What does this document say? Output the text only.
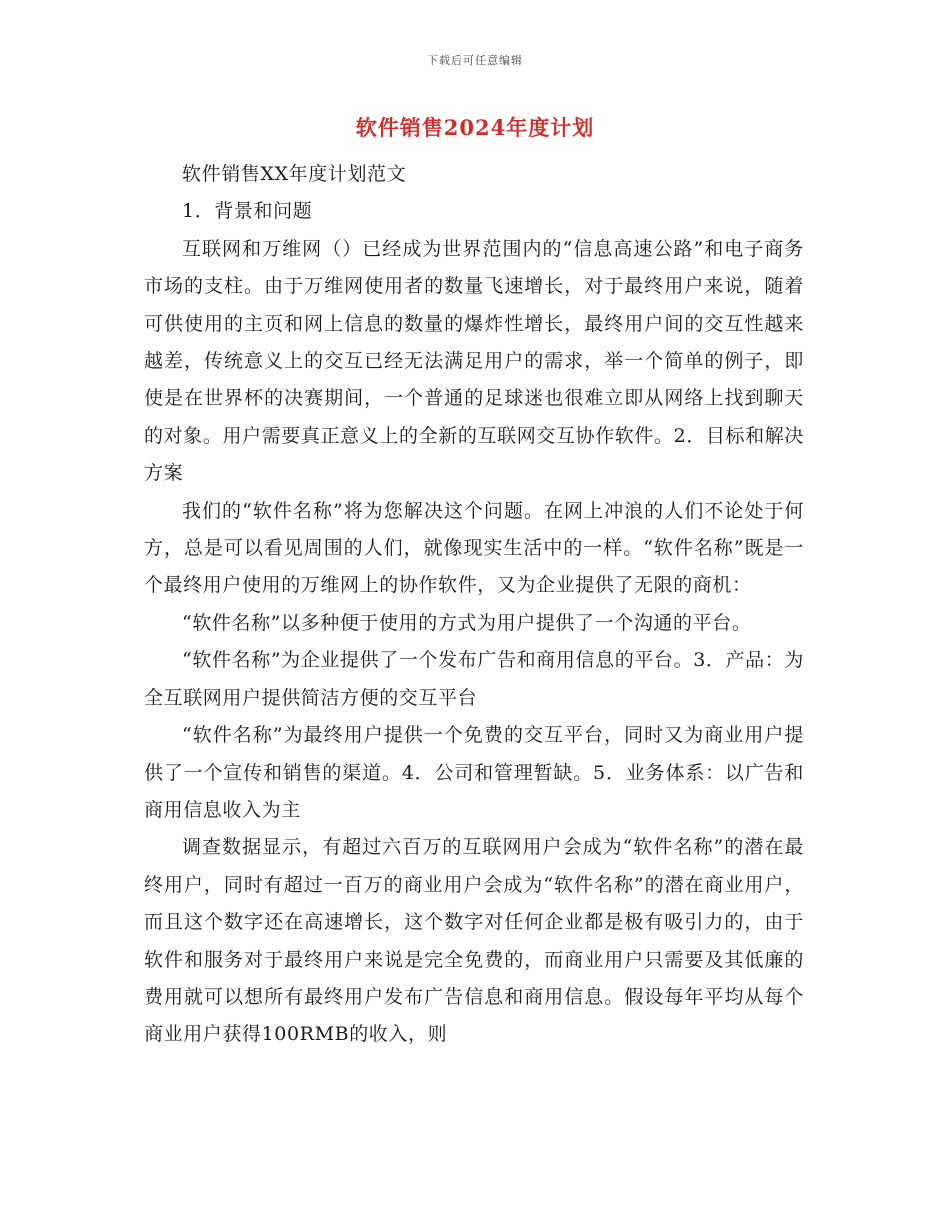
下载后可任意编辑
软件销售2024年度计划

软件销售XX年度计划范文

1．背景和问题

互联网和万维网（）已经成为世界范围内的“信息高速公路”和电子商务市场的支柱。由于万维网使用者的数量飞速增长，对于最终用户来说，随着可供使用的主页和网上信息的数量的爆炸性增长，最终用户间的交互性越来越差，传统意义上的交互已经无法满足用户的需求，举一个简单的例子，即使是在世界杯的决赛期间，一个普通的足球迷也很难立即从网络上找到聊天的对象。用户需要真正意义上的全新的互联网交互协作软件。2．目标和解决方案

我们的“软件名称”将为您解决这个问题。在网上冲浪的人们不论处于何方，总是可以看见周围的人们，就像现实生活中的一样。“软件名称”既是一个最终用户使用的万维网上的协作软件，又为企业提供了无限的商机：

“软件名称”以多种便于使用的方式为用户提供了一个沟通的平台。

“软件名称”为企业提供了一个发布广告和商用信息的平台。3．产品：为全互联网用户提供简洁方便的交互平台

“软件名称”为最终用户提供一个免费的交互平台，同时又为商业用户提供了一个宣传和销售的渠道。4．公司和管理暂缺。5．业务体系：以广告和商用信息收入为主

调查数据显示，有超过六百万的互联网用户会成为“软件名称”的潜在最终用户，同时有超过一百万的商业用户会成为“软件名称”的潜在商业用户，而且这个数字还在高速增长，这个数字对任何企业都是极有吸引力的，由于软件和服务对于最终用户来说是完全免费的，而商业用户只需要及其低廉的费用就可以想所有最终用户发布广告信息和商用信息。假设每年平均从每个商业用户获得100RMB的收入，则
